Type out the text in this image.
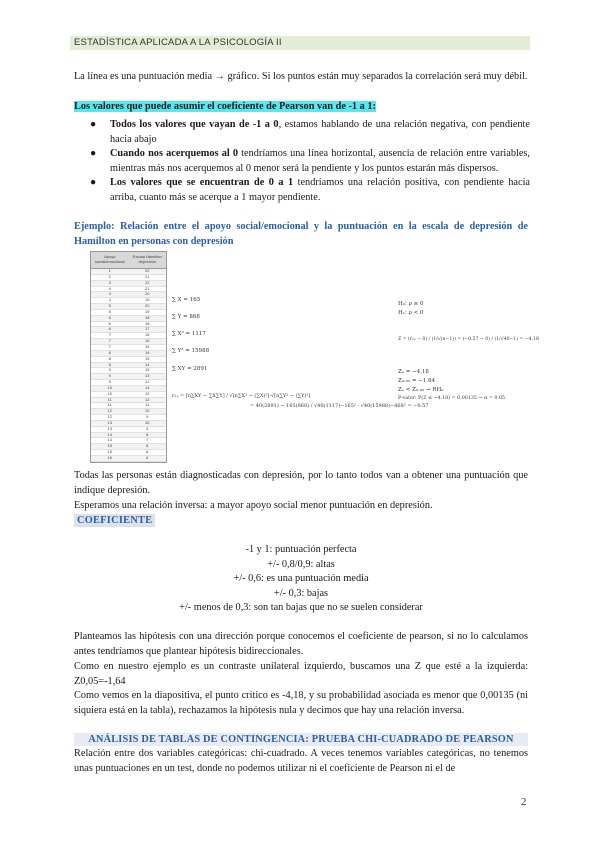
ESTADÍSTICA APLICADA A LA PSICOLOGÍA II

La línea es una puntuación media → gráfico. Si los puntos están muy separados la correlación será muy débil.

Los valores que puede asumir el coeficiente de Pearson van de -1 a 1:

● Todos los valores que vayan de -1 a 0, estamos hablando de una relación negativa, con pendiente hacia abajo
● Cuando nos acerquemos al 0 tendríamos una línea horizontal, ausencia de relación entre variables, mientras más nos acerquemos al 0 menor será la pendiente y los puntos estarán más dispersos.
● Los valores que se encuentran de 0 a 1 tendríamos una relación positiva, con pendiente hacia arriba, cuanto más se acerque a 1 mayor pendiente.

Ejemplo: Relación entre el apoyo social/emocional y la puntuación en la escala de depresión de Hamilton en personas con depresión

Apoyo social/emocional
Escala Hamilton depresión
1	22
2	21
3	22
4	21
4	20
4	19
5	20
5	19
6	18
6	18
6	17
7	18
7	16
7	15
8	16
8	15
8	14
9	15
9	13
9	12
10	14
10	12
11	12
11	11
12	10
12	9
13	10
13	9
14	8
14	7
15	8
15	6
16	6
∑ X = 165
∑ Y = 868
∑ X² = 1117
∑ Y² = 15988
∑ XY = 2891
rₓᵧ = [n∑XY − ∑X∑Y] / √[n∑X² − (∑X)²]·√[n∑Y² − (∑Y)²]
= 40(2891) − 165(868) / √40(1117)−165² · √40(15988)−868² = −0.57
H₀: ρ ≥ 0
H₁: ρ < 0
Z = (rₓᵧ − 0) / (1/√(n−1)) = (−0.57 − 0) / (1/√40−1) = −4.18
Zₑ = −4.18
Z₀.₀₅ = −1.64
Zₑ < Z₀.₀₅ → RH₀
P-valor: P(Z ≤ −4.18) = 0.00135 → α = 0.05

Todas las personas están diagnosticadas con depresión, por lo tanto todos van a obtener una puntuación que indique depresión.

Esperamos una relación inversa: a mayor apoyo social menor puntuación en depresión.

COEFICIENTE
-1 y 1: puntuación perfecta
+/- 0,8/0,9: altas
+/- 0,6: es una puntuación media
+/- 0,3: bajas
+/- menos de 0,3: son tan bajas que no se suelen considerar

Planteamos las hipótesis con una dirección porque conocemos el coeficiente de pearson, si no lo calculamos antes tendríamos que plantear hipótesis bidireccionales.

Como en nuestro ejemplo es un contraste unilateral izquierdo, buscamos una Z que esté a la izquierda: Z0,05=-1,64

Como vemos en la diapositiva, el punto crítico es -4,18, y su probabilidad asociada es menor que 0,00135 (ni siquiera está en la tabla), rechazamos la hipótesis nula y decimos que hay una relación inversa.

ANÁLISIS DE TABLAS DE CONTINGENCIA: PRUEBA CHI-CUADRADO DE PEARSON

Relación entre dos variables categóricas: chi-cuadrado. A veces tenemos variables categóricas, no tenemos unas puntuaciones en un test, donde no podemos utilizar ni el coeficiente de Pearson ni el de

2
